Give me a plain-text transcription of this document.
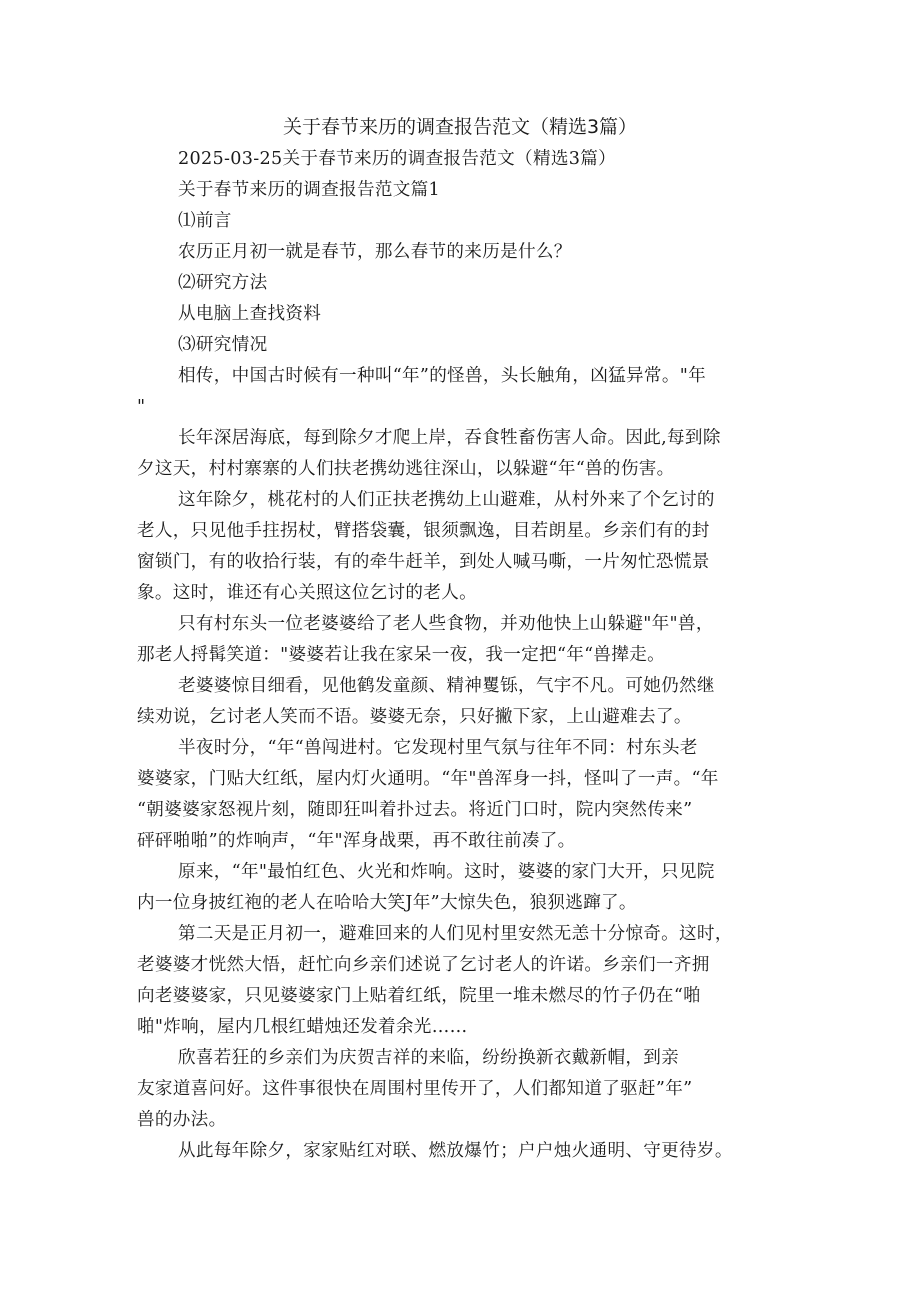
关于春节来历的调查报告范文（精选3篇）
2025-03-25关于春节来历的调查报告范文（精选3篇）
关于春节来历的调查报告范文篇1
⑴前言
农历正月初一就是春节，那么春节的来历是什么？
⑵研究方法
从电脑上查找资料
⑶研究情况
相传，中国古时候有一种叫“年”的怪兽，头长触角，凶猛异常。"年
"
长年深居海底，每到除夕才爬上岸，吞食牲畜伤害人命。因此,每到除
夕这天，村村寨寨的人们扶老携幼逃往深山，以躲避“年“兽的伤害。
这年除夕，桃花村的人们正扶老携幼上山避难，从村外来了个乞讨的
老人，只见他手拄拐杖，臂搭袋囊，银须飘逸，目若朗星。乡亲们有的封
窗锁门，有的收拾行装，有的牵牛赶羊，到处人喊马嘶，一片匆忙恐慌景
象。这时，谁还有心关照这位乞讨的老人。
只有村东头一位老婆婆给了老人些食物，并劝他快上山躲避"年"兽，
那老人捋髯笑道："婆婆若让我在家呆一夜，我一定把“年“兽撵走。
老婆婆惊目细看，见他鹤发童颜、精神矍铄，气宇不凡。可她仍然继
续劝说，乞讨老人笑而不语。婆婆无奈，只好撇下家，上山避难去了。
半夜时分，“年“兽闯进村。它发现村里气氛与往年不同：村东头老
婆婆家，门贴大红纸，屋内灯火通明。“年"兽浑身一抖，怪叫了一声。“年
“朝婆婆家怒视片刻，随即狂叫着扑过去。将近门口时，院内突然传来”
砰砰啪啪”的炸响声，“年"浑身战栗，再不敢往前凑了。
原来，“年"最怕红色、火光和炸响。这时，婆婆的家门大开，只见院
内一位身披红袍的老人在哈哈大笑J年”大惊失色，狼狈逃蹿了。
第二天是正月初一，避难回来的人们见村里安然无恙十分惊奇。这时，
老婆婆才恍然大悟，赶忙向乡亲们述说了乞讨老人的许诺。乡亲们一齐拥
向老婆婆家，只见婆婆家门上贴着红纸，院里一堆未燃尽的竹子仍在“啪
啪"炸响，屋内几根红蜡烛还发着余光……
欣喜若狂的乡亲们为庆贺吉祥的来临，纷纷换新衣戴新帽，到亲
友家道喜问好。这件事很快在周围村里传开了，人们都知道了驱赶”年”
兽的办法。
从此每年除夕，家家贴红对联、燃放爆竹；户户烛火通明、守更待岁。
